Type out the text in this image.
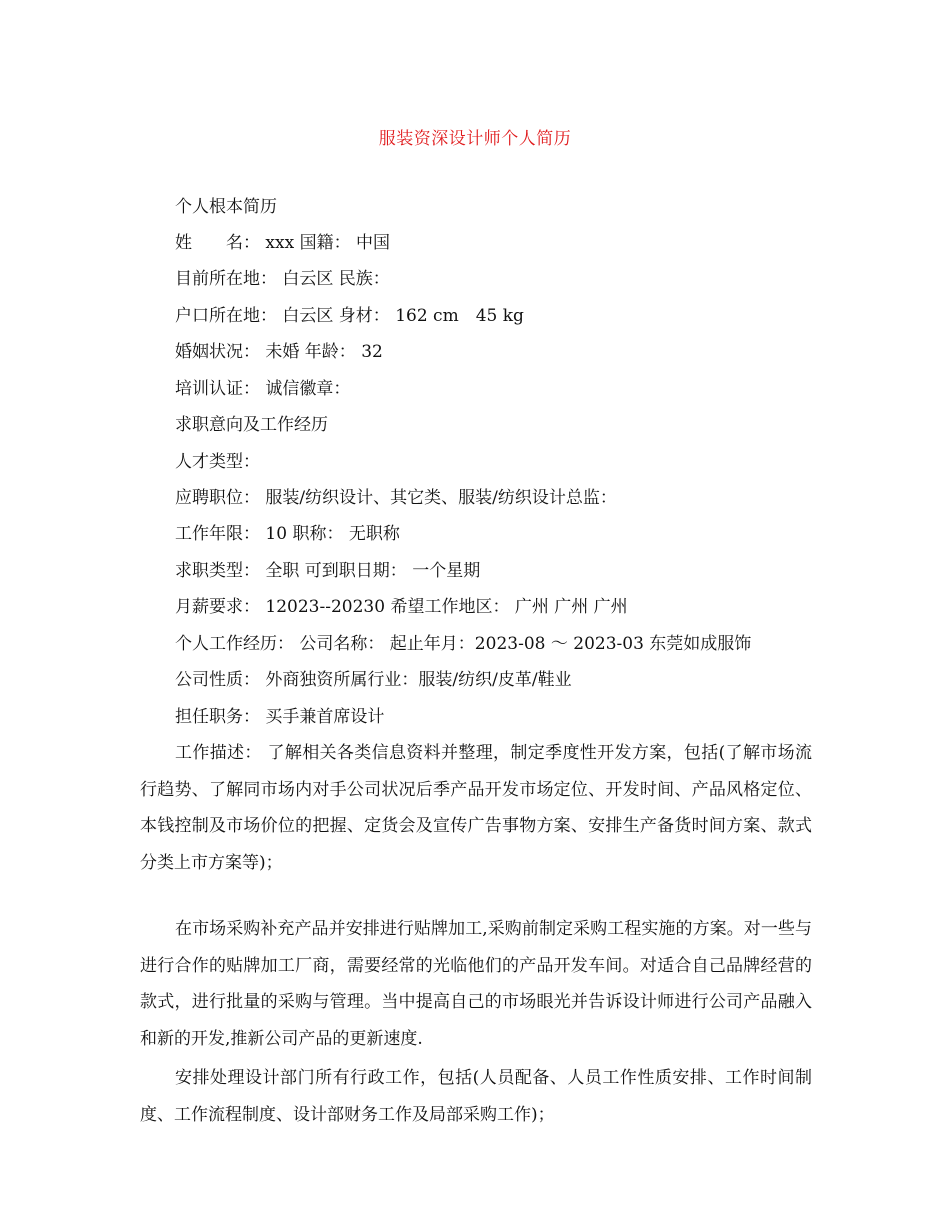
服装资深设计师个人简历
个人根本简历
姓　　名： xxx 国籍： 中国
目前所在地： 白云区 民族：
户口所在地： 白云区 身材： 162 cm　45 kg
婚姻状况： 未婚 年龄： 32
培训认证： 诚信徽章：
求职意向及工作经历
人才类型：
应聘职位： 服装/纺织设计、其它类、服装/纺织设计总监：
工作年限： 10 职称： 无职称
求职类型： 全职 可到职日期： 一个星期
月薪要求： 12023--20230 希望工作地区： 广州 广州 广州
个人工作经历： 公司名称： 起止年月：2023-08 ～ 2023-03 东莞如成服饰
公司性质： 外商独资所属行业：服装/纺织/皮革/鞋业
担任职务： 买手兼首席设计
工作描述： 了解相关各类信息资料并整理，制定季度性开发方案，包括(了解市场流行趋势、了解同市场内对手公司状况后季产品开发市场定位、开发时间、产品风格定位、本钱控制及市场价位的把握、定货会及宣传广告事物方案、安排生产备货时间方案、款式分类上市方案等)；
在市场采购补充产品并安排进行贴牌加工,采购前制定采购工程实施的方案。对一些与进行合作的贴牌加工厂商，需要经常的光临他们的产品开发车间。对适合自己品牌经营的款式，进行批量的采购与管理。当中提高自己的市场眼光并告诉设计师进行公司产品融入和新的开发,推新公司产品的更新速度.
安排处理设计部门所有行政工作，包括(人员配备、人员工作性质安排、工作时间制度、工作流程制度、设计部财务工作及局部采购工作)；
